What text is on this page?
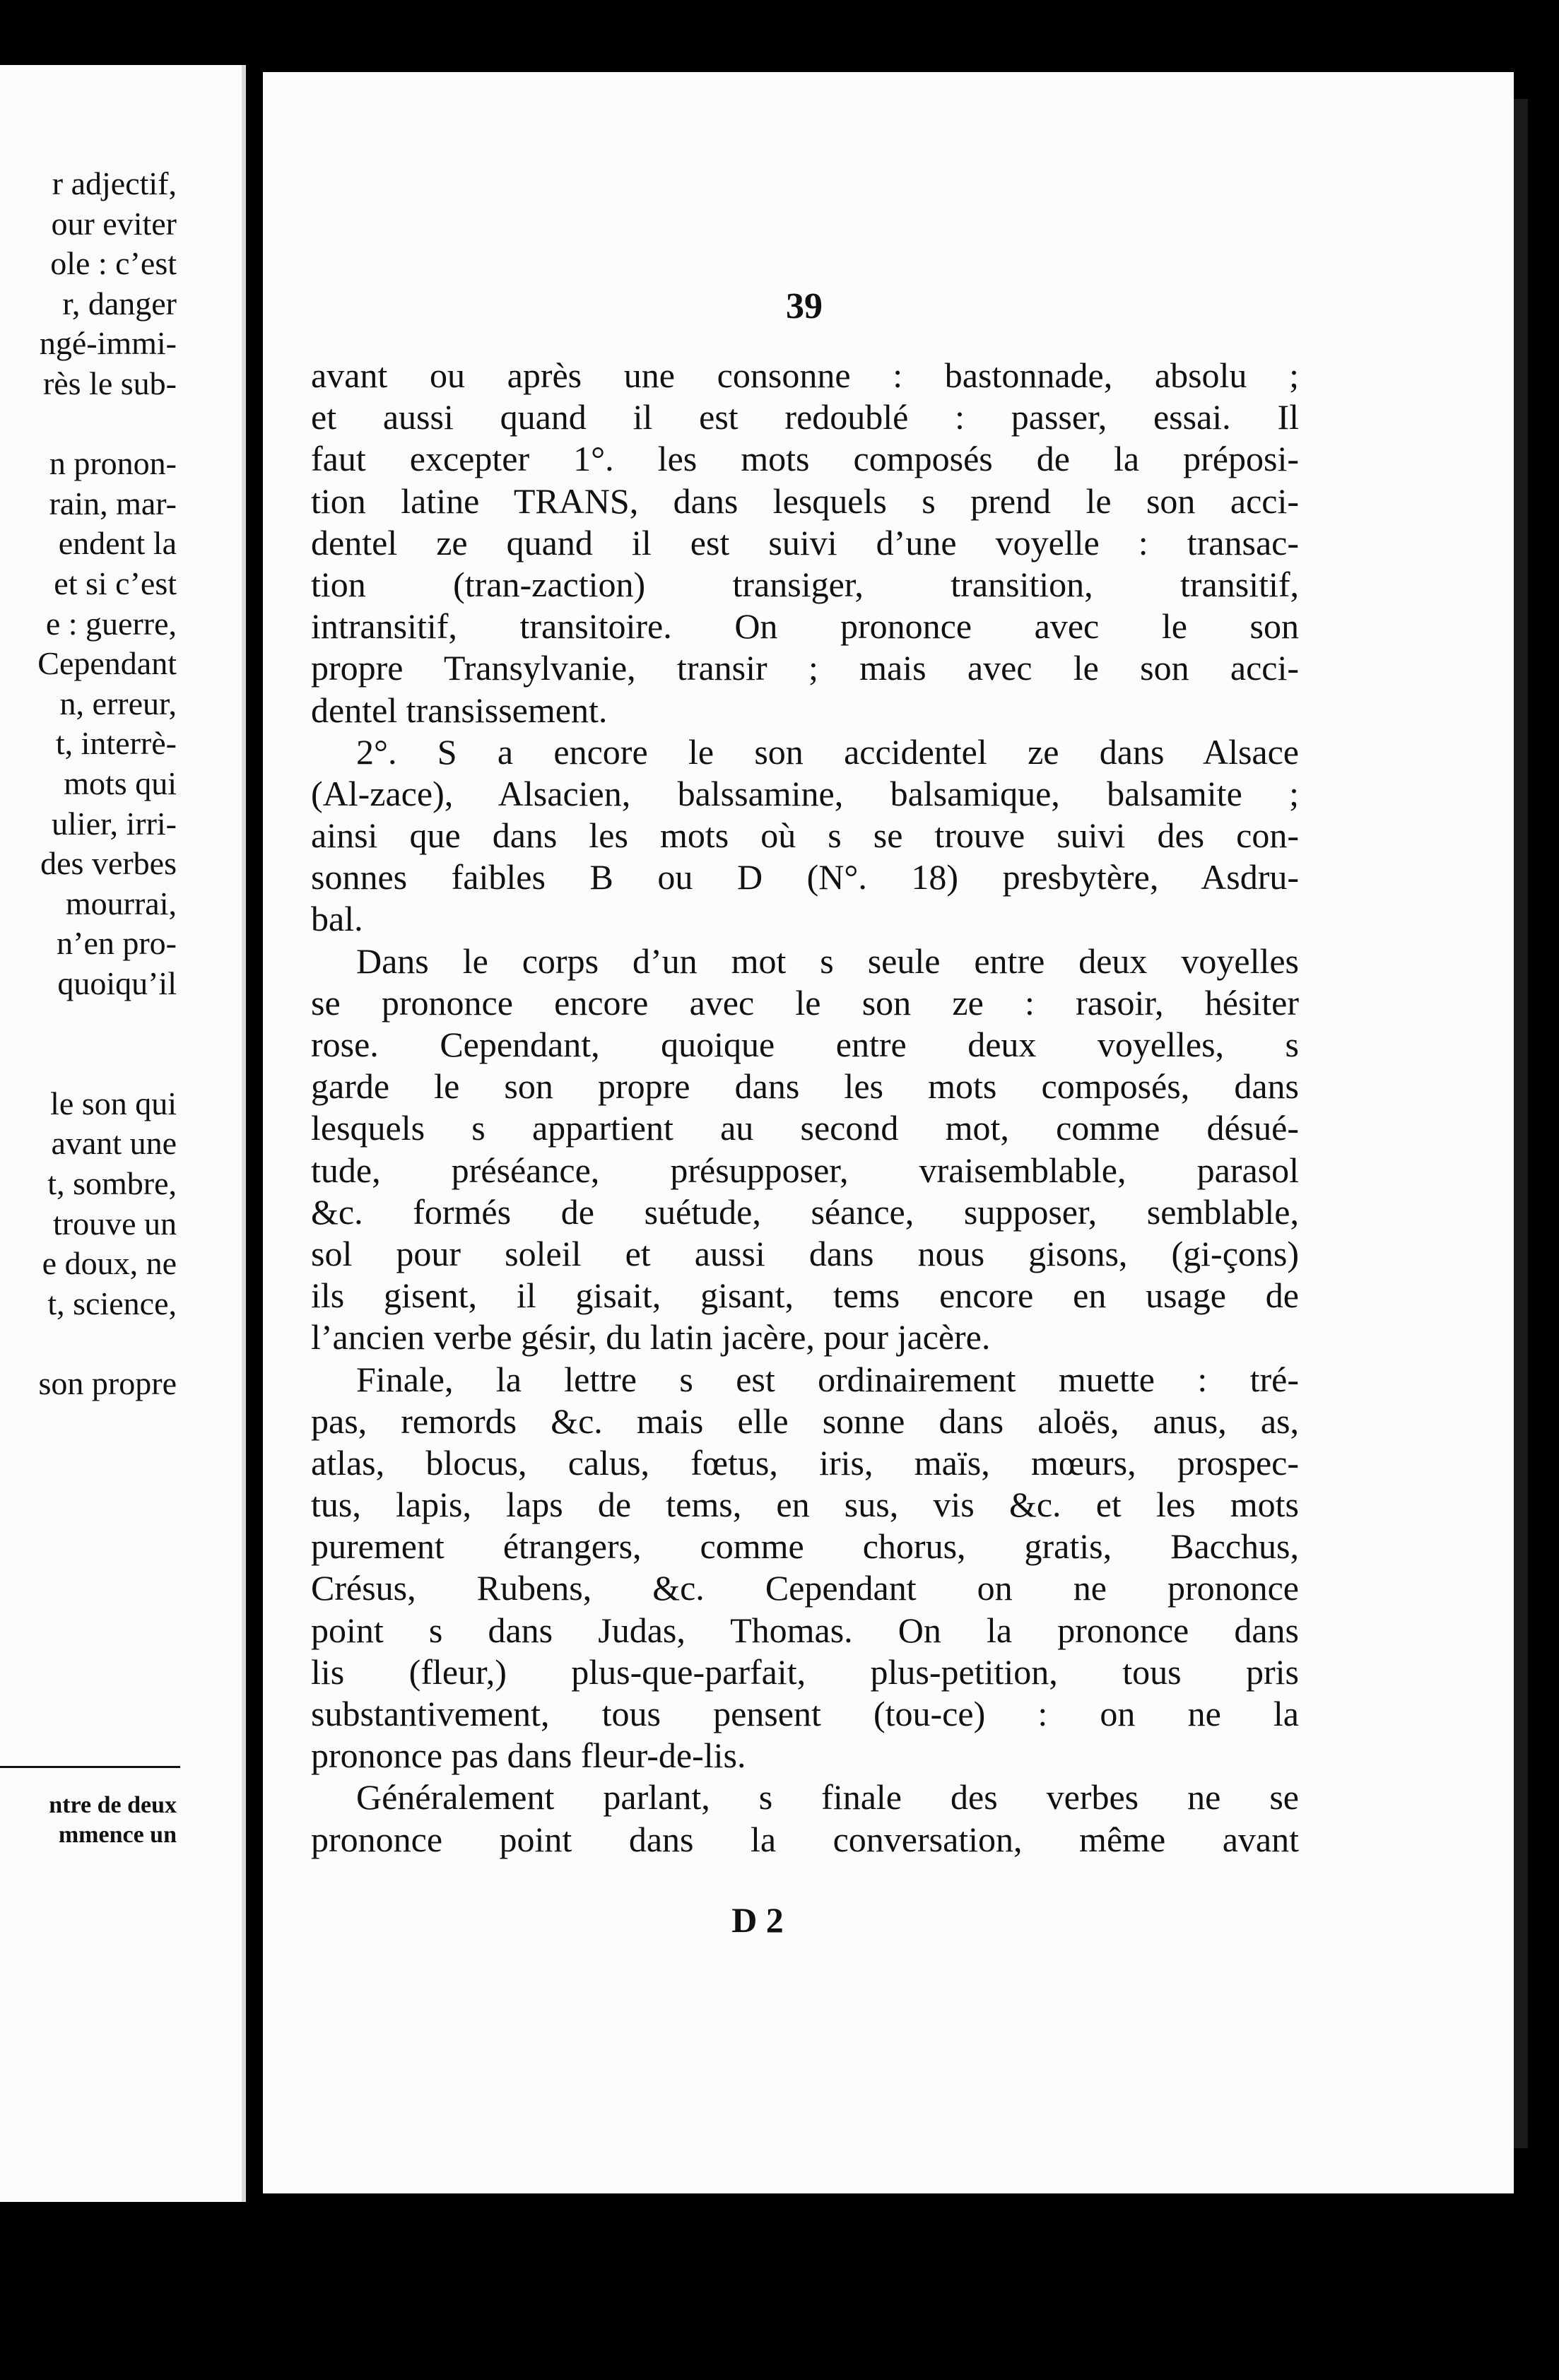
r adjectif,
our eviter
ole : c’est
r, danger
ngé-immi-
rès le sub-
n pronon-
rain, mar-
endent la
et si c’est
e : guerre,
Cependant
n, erreur,
t, interrè-
mots qui
ulier, irri-
des verbes
mourrai,
n’en pro-
quoiqu’il
le son qui
avant une
t, sombre,
trouve un
e doux, ne
t, science,
son propre
ntre de deux
mmence un
39
avant ou après une consonne : bastonnade, absolu ;
et aussi quand il est redoublé : passer, essai. Il
faut excepter 1°. les mots composés de la préposi-
tion latine TRANS, dans lesquels s prend le son acci-
dentel ze quand il est suivi d’une voyelle : transac-
tion (tran-zaction) transiger, transition, transitif,
intransitif, transitoire. On prononce avec le son
propre Transylvanie, transir ; mais avec le son acci-
dentel transissement.
2°. S a encore le son accidentel ze dans Alsace
(Al-zace), Alsacien, balssamine, balsamique, balsamite ;
ainsi que dans les mots où s se trouve suivi des con-
sonnes faibles B ou D (N°. 18) presbytère, Asdru-
bal.
Dans le corps d’un mot s seule entre deux voyelles
se prononce encore avec le son ze : rasoir, hésiter
rose. Cependant, quoique entre deux voyelles, s
garde le son propre dans les mots composés, dans
lesquels s appartient au second mot, comme désué-
tude, préséance, présupposer, vraisemblable, parasol
&c. formés de suétude, séance, supposer, semblable,
sol pour soleil et aussi dans nous gisons, (gi-çons)
ils gisent, il gisait, gisant, tems encore en usage de
l’ancien verbe gésir, du latin jacère, pour jacère.
Finale, la lettre s est ordinairement muette : tré-
pas, remords &c. mais elle sonne dans aloës, anus, as,
atlas, blocus, calus, fœtus, iris, maïs, mœurs, prospec-
tus, lapis, laps de tems, en sus, vis &c. et les mots
purement étrangers, comme chorus, gratis, Bacchus,
Crésus, Rubens, &c. Cependant on ne prononce
point s dans Judas, Thomas. On la prononce dans
lis (fleur,) plus-que-parfait, plus-petition, tous pris
substantivement, tous pensent (tou-ce) : on ne la
prononce pas dans fleur-de-lis.
Généralement parlant, s finale des verbes ne se
prononce point dans la conversation, même avant
D 2
